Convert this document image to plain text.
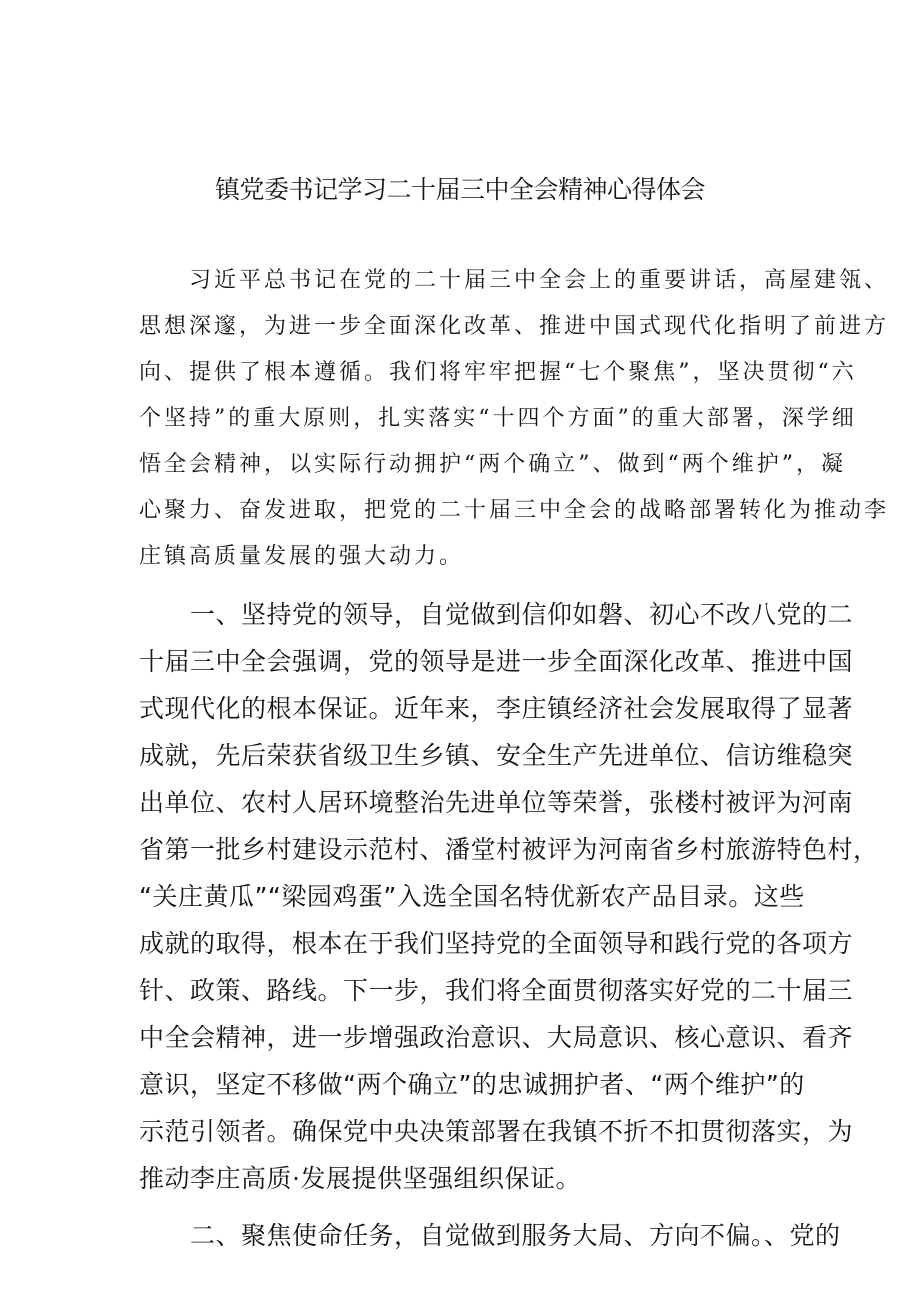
镇党委书记学习二十届三中全会精神心得体会
　　习近平总书记在党的二十届三中全会上的重要讲话，高屋建瓴、
思想深邃，为进一步全面深化改革、推进中国式现代化指明了前进方
向、提供了根本遵循。我们将牢牢把握“七个聚焦”，坚决贯彻“六
个坚持”的重大原则，扎实落实“十四个方面”的重大部署，深学细
悟全会精神，以实际行动拥护“两个确立”、做到“两个维护”，凝
心聚力、奋发进取，把党的二十届三中全会的战略部署转化为推动李
庄镇高质量发展的强大动力。
　　一、坚持党的领导，自觉做到信仰如磐、初心不改八党的二
十届三中全会强调，党的领导是进一步全面深化改革、推进中国
式现代化的根本保证。近年来，李庄镇经济社会发展取得了显著
成就，先后荣获省级卫生乡镇、安全生产先进单位、信访维稳突
出单位、农村人居环境整治先进单位等荣誉，张楼村被评为河南
省第一批乡村建设示范村、潘堂村被评为河南省乡村旅游特色村，
“关庄黄瓜”“梁园鸡蛋”入选全国名特优新农产品目录。这些
成就的取得，根本在于我们坚持党的全面领导和践行党的各项方
针、政策、路线。下一步，我们将全面贯彻落实好党的二十届三
中全会精神，进一步增强政治意识、大局意识、核心意识、看齐
意识，坚定不移做“两个确立”的忠诚拥护者、“两个维护”的
示范引领者。确保党中央决策部署在我镇不折不扣贯彻落实，为
推动李庄高质·发展提供坚强组织保证。
　　二、聚焦使命任务，自觉做到服务大局、方向不偏。、党的
